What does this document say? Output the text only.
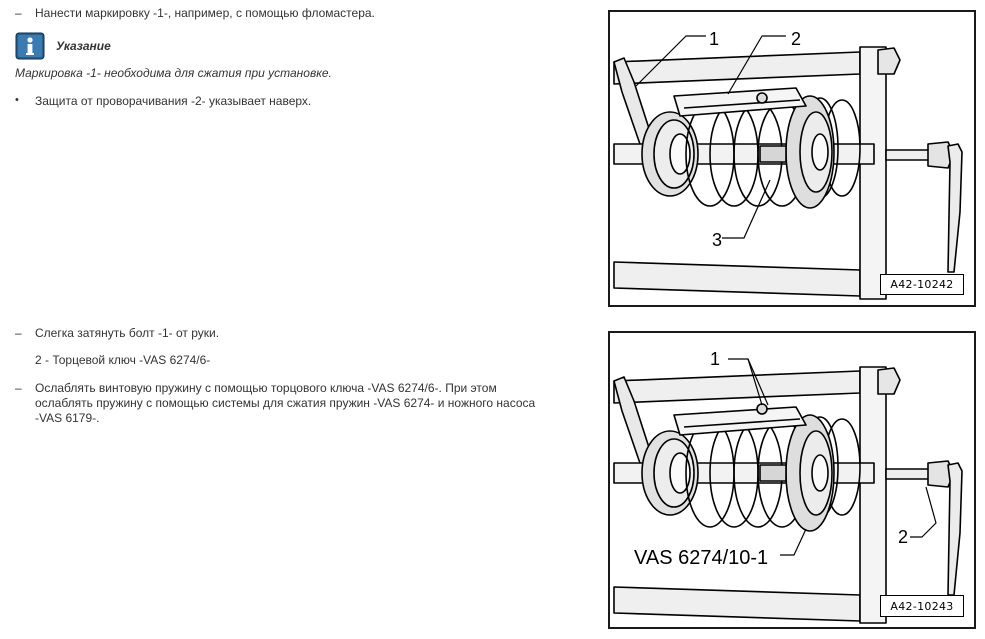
–	Нанести маркировку -1-, например, с помощью фломастера.
Указание
Маркировка -1- необходима для сжатия при установке.
•	Защита от проворачивания -2- указывает наверх.
–	Слегка затянуть болт -1- от руки.
2 - Торцевой ключ -VAS 6274/6-
–	Ослаблять винтовую пружину с помощью торцового ключа -VAS 6274/6-. При этом
ослаблять пружину с помощью системы для сжатия пружин -VAS 6274- и ножного насоса
-VAS 6179-.
1	2
3
A42-10242
1
2
VAS 6274/10-1
A42-10243
